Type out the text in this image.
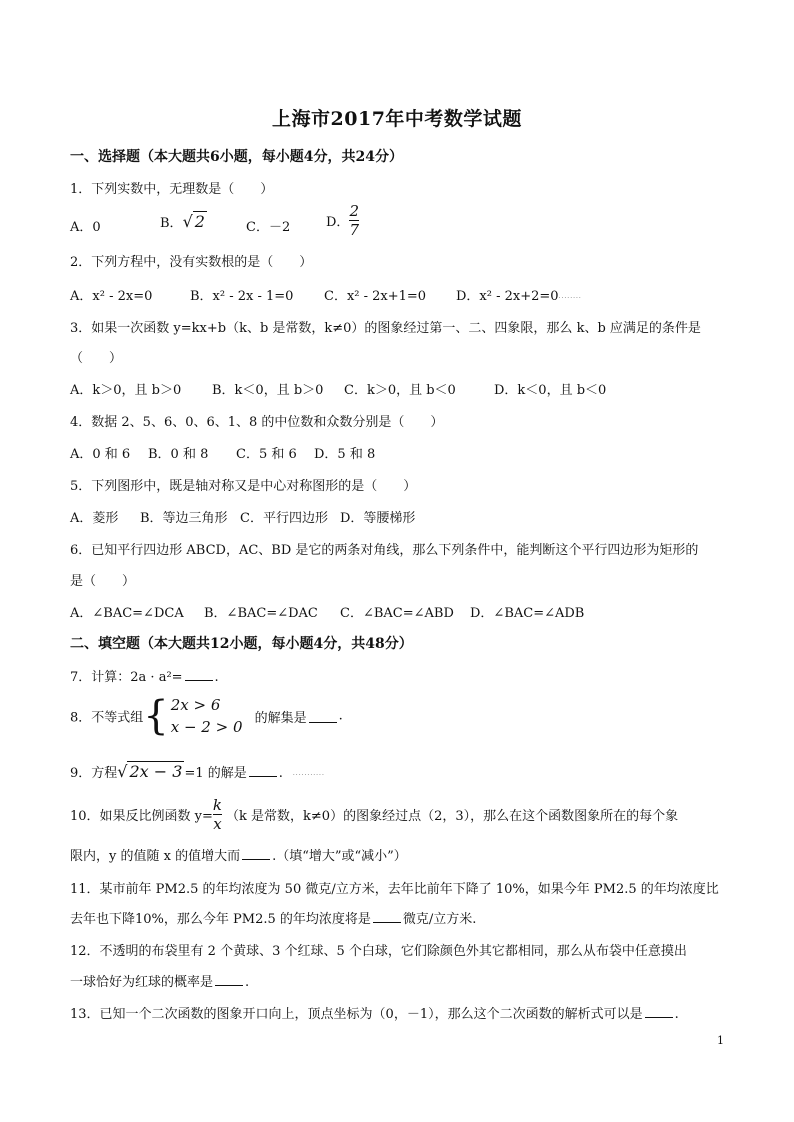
上海市2017年中考数学试题
一、选择题（本大题共6小题，每小题4分，共24分）
1．下列实数中，无理数是（　　）
A．0	B．√ 2	C．－2	D． $\frac{2}{7}$
2．下列方程中，没有实数根的是（　　）
A．x² - 2x=0	B．x² - 2x - 1=0 C．x² - 2x+1=0 D．x² - 2x+2=0········
3．如果一次函数 y=kx+b（k、b 是常数，k≠0）的图象经过第一、二、四象限，那么 k、b 应满足的条件是
（　　）
A．k＞0，且 b＞0 B．k＜0，且 b＞0 C．k＞0，且 b＜0	D．k＜0，且 b＜0
4．数据 2、5、6、0、6、1、8 的中位数和众数分别是（　　）
A．0 和 6 B．0 和 8 C．5 和 6 D．5 和 8
5．下列图形中，既是轴对称又是中心对称图形的是（　　）
A．菱形 B．等边三角形 C．平行四边形 D．等腰梯形
6．已知平行四边形 ABCD，AC、BD 是它的两条对角线，那么下列条件中，能判断这个平行四边形为矩形的
是（　　）
A．∠BAC=∠DCA B．∠BAC=∠DAC C．∠BAC=∠ABD D．∠BAC=∠ADB
二、填空题（本大题共12小题，每小题4分，共48分）
7．计算：2a · a²= .
8．不等式组{ 2x > 6
x − 2 > 0 的解集是 .
9．方程√ 2x − 3 =1 的解是 . ···········
10．如果反比例函数 $y= \frac{k}{x} (k$ 是常数，k≠0）的图象经过点（2，3），那么在这个函数图象所在的每个象
限内，y 的值随 x 的值增大而 .（填“增大”或“减小”）
11．某市前年 PM2.5 的年均浓度为 50 微克/立方米，去年比前年下降了 10%，如果今年 PM2.5 的年均浓度比
去年也下降10%，那么今年 PM2.5 的年均浓度将是 微克/立方米.
12．不透明的布袋里有 2 个黄球、3 个红球、5 个白球，它们除颜色外其它都相同，那么从布袋中任意摸出
一球恰好为红球的概率是 .
13．已知一个二次函数的图象开口向上，顶点坐标为（0，－1），那么这个二次函数的解析式可以是 .
1
